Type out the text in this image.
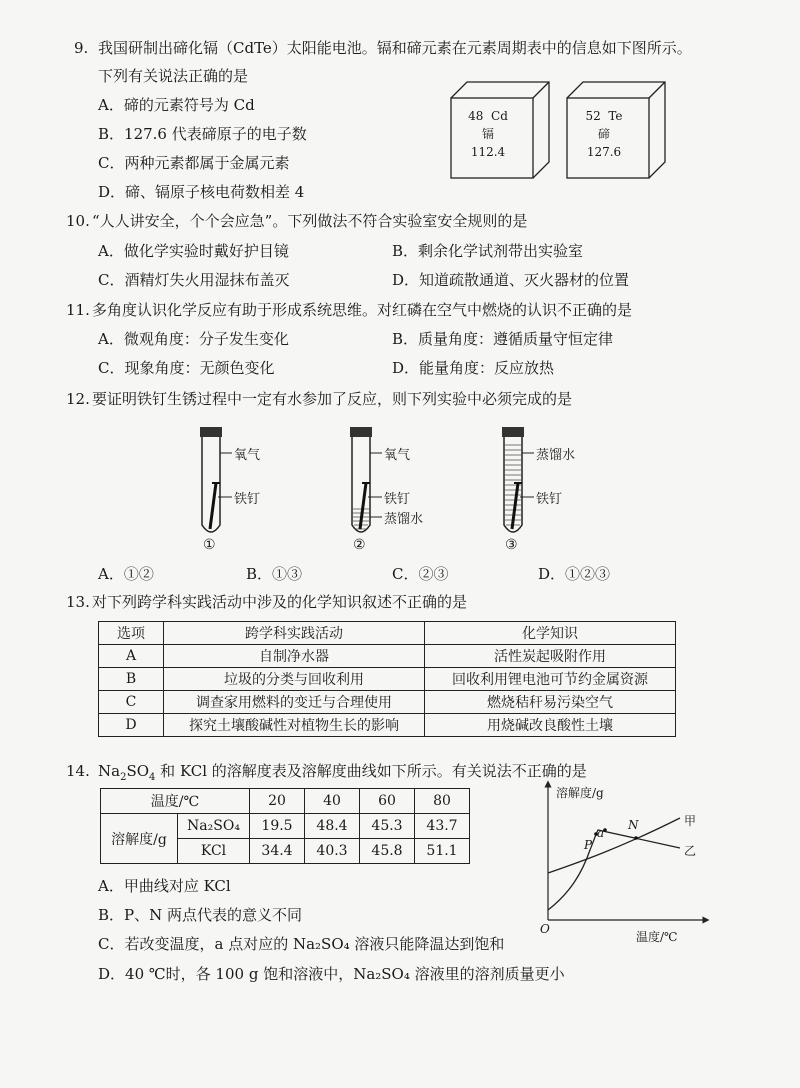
9. 我国研制出碲化镉（CdTe）太阳能电池。镉和碲元素在元素周期表中的信息如下图所示。
下列有关说法正确的是
A．碲的元素符号为 Cd
B．127.6 代表碲原子的电子数
C．两种元素都属于金属元素
D．碲、镉原子核电荷数相差 4
48 Cd
镉
112.4
52 Te
碲
127.6
10. “人人讲安全，个个会应急”。下列做法不符合实验室安全规则的是
A．做化学实验时戴好护目镜	B．剩余化学试剂带出实验室
C．酒精灯失火用湿抹布盖灭	D．知道疏散通道、灭火器材的位置
11. 多角度认识化学反应有助于形成系统思维。对红磷在空气中燃烧的认识不正确的是
A．微观角度：分子发生变化	B．质量角度：遵循质量守恒定律
C．现象角度：无颜色变化	D．能量角度：反应放热
12. 要证明铁钉生锈过程中一定有水参加了反应，则下列实验中必须完成的是
氧气
铁钉
①
氧气
铁钉
蒸馏水
②
蒸馏水
铁钉
③
A．①②	B．①③	C．②③	D．①②③
13. 对下列跨学科实践活动中涉及的化学知识叙述不正确的是
选项	跨学科实践活动	化学知识
A	自制净水器	活性炭起吸附作用
B	垃圾的分类与回收利用	回收利用锂电池可节约金属资源
C	调查家用燃料的变迁与合理使用	燃烧秸秆易污染空气
D	探究土壤酸碱性对植物生长的影响	用烧碱改良酸性土壤
14. $Na_2SO_4$ 和 KCl 的溶解度表及溶解度曲线如下所示。有关说法不正确的是
温度/℃		20	40	60	80
溶解度/g	Na₂SO₄	19.5	48.4	45.3	43.7
	KCl	34.4	40.3	45.8	51.1
溶解度/g
温度/℃
O
P
N
a
甲
乙
A．甲曲线对应 KCl
B．P、N 两点代表的意义不同
C．若改变温度，a 点对应的 Na₂SO₄ 溶液只能降温达到饱和
D．40 ℃时，各 100 g 饱和溶液中，Na₂SO₄ 溶液里的溶剂质量更小
